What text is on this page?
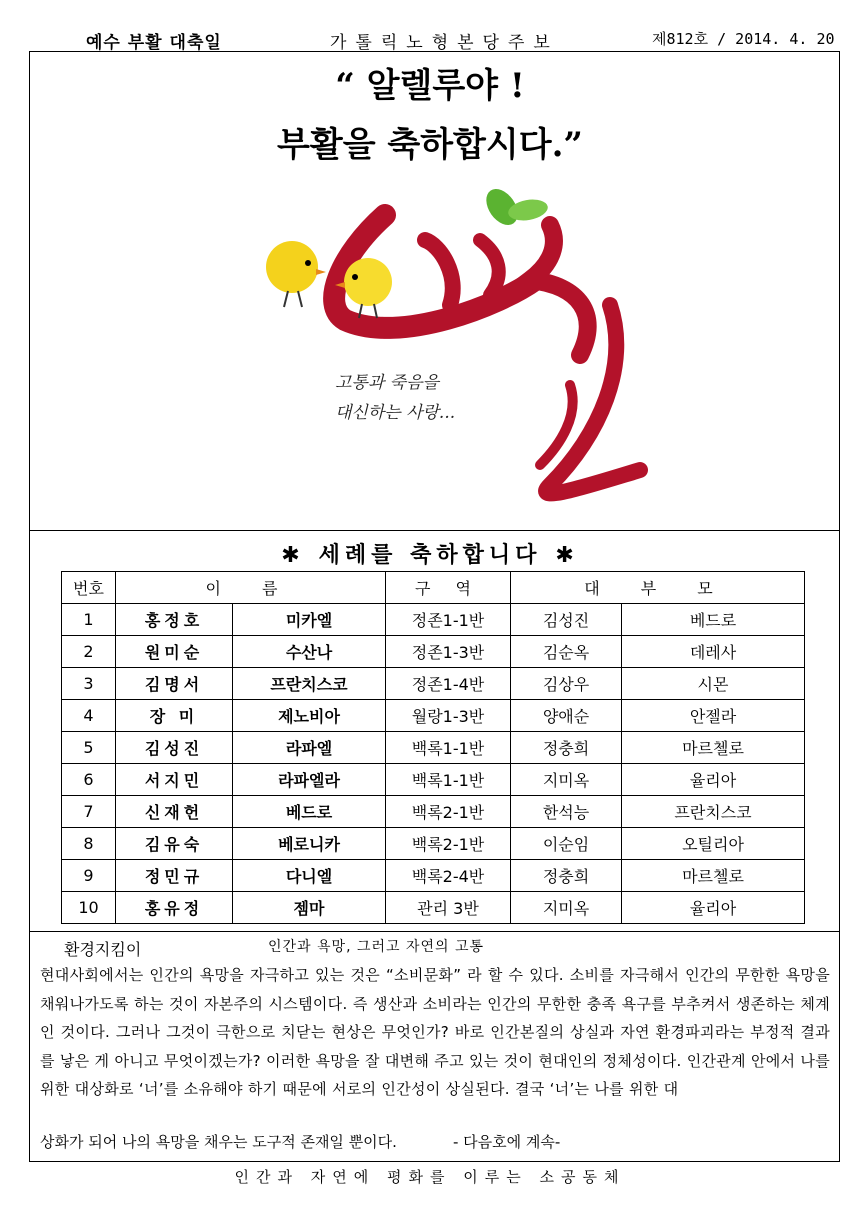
예수 부활 대축일	가톨릭노형본당주보	제812호 / 2014. 4. 20
“ 알렐루야 !
부활을 축하합시다.”
고통과 죽음을
대신하는 사랑...
✱ 세례를 축하합니다 ✱
번호	이 름		구 역	대 부 모	
1	홍정호	미카엘	정존1-1반	김성진	베드로
2	원미순	수산나	정존1-3반	김순옥	데레사
3	김명서	프란치스코	정존1-4반	김상우	시몬
4	장 미	제노비아	월랑1-3반	양애순	안젤라
5	김성진	라파엘	백록1-1반	정충희	마르첼로
6	서지민	라파엘라	백록1-1반	지미옥	율리아
7	신재헌	베드로	백록2-1반	한석능	프란치스코
8	김유숙	베로니카	백록2-1반	이순임	오틸리아
9	정민규	다니엘	백록2-4반	정충희	마르첼로
10	홍유정	젬마	관리 3반	지미옥	율리아
환경지킴이	인간과 욕망, 그러고 자연의 고통
현대사회에서는 인간의 욕망을 자극하고 있는 것은 “소비문화” 라 할 수 있다. 소비를 자극해서 인간의 무한한 욕망을 채워나가도록 하는 것이 자본주의 시스템이다. 즉 생산과 소비라는 인간의 무한한 충족 욕구를 부추켜서 생존하는 체계인 것이다. 그러나 그것이 극한으로 치닫는 현상은 무엇인가? 바로 인간본질의 상실과 자연 환경파괴라는 부정적 결과를 낳은 게 아니고 무엇이겠는가? 이러한 욕망을 잘 대변해 주고 있는 것이 현대인의 정체성이다. 인간관계 안에서 나를 위한 대상화로 ‘너’를 소유해야 하기 때문에 서로의 인간성이 상실된다. 결국 ‘너’는 나를 위한 대
상화가 되어 나의 욕망을 채우는 도구적 존재일 뿐이다.	- 다음호에 계속-
인간과 자연에 평화를 이루는 소공동체
